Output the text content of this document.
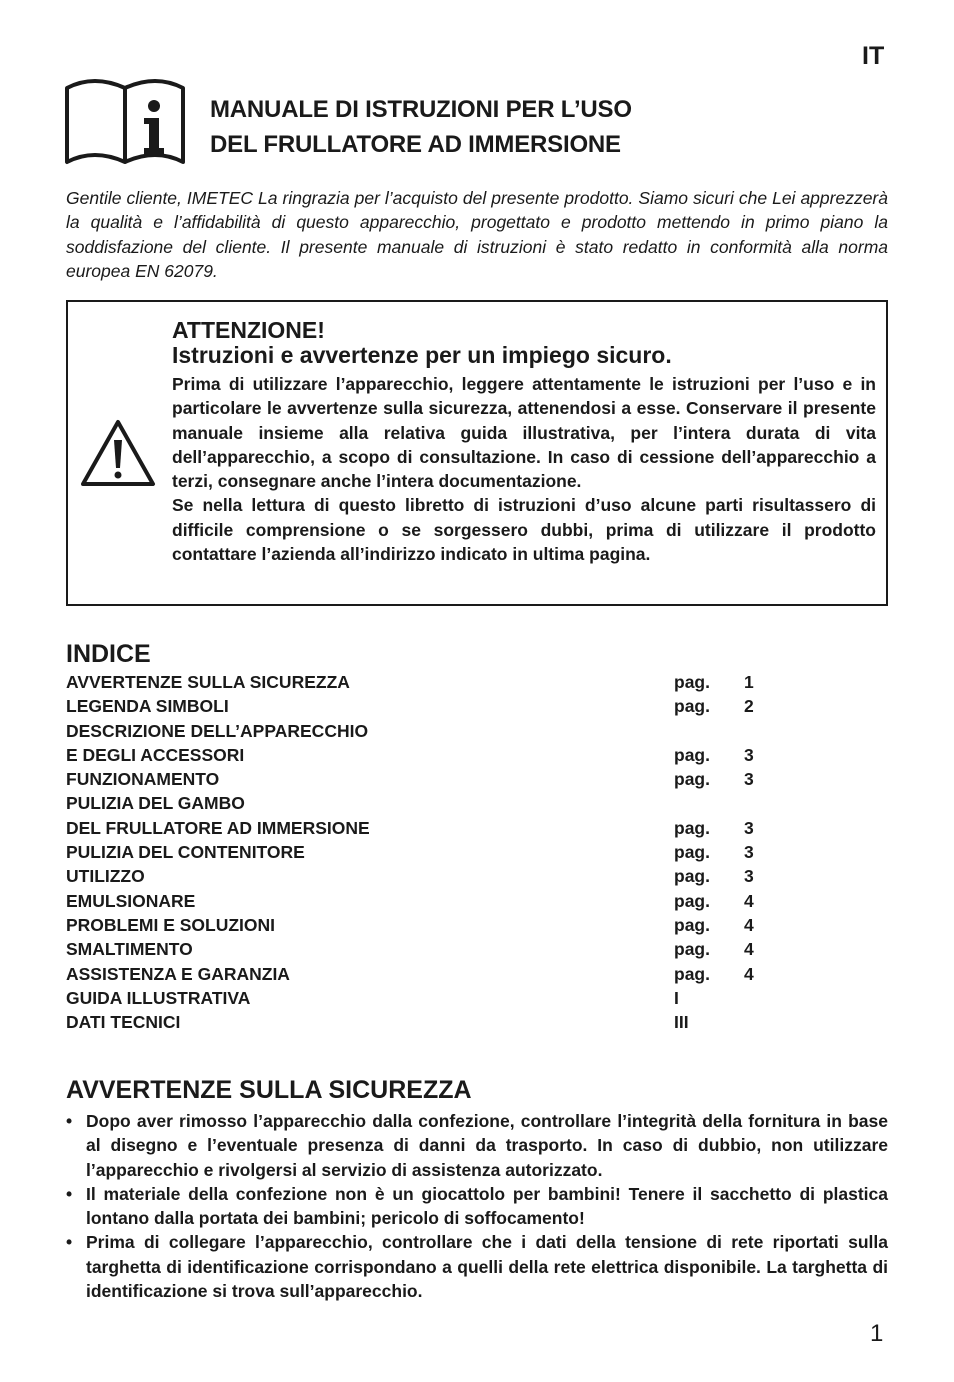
IT
MANUALE DI ISTRUZIONI PER L’USO
DEL FRULLATORE AD IMMERSIONE
Gentile cliente, IMETEC La ringrazia per l’acquisto del presente prodotto. Siamo sicuri che Lei apprezzerà la qualità e l’affidabilità di questo apparecchio, progettato e prodotto mettendo in primo piano la soddisfazione del cliente. Il presente manuale di istruzioni è stato redatto in conformità alla norma europea EN 62079.
ATTENZIONE!
Istruzioni e avvertenze per un impiego sicuro.

Prima di utilizzare l’apparecchio, leggere attentamente le istruzioni per l’uso e in particolare le avvertenze sulla sicurezza, attenendosi a esse. Conservare il presente manuale insieme alla relativa guida illustrativa, per l’intera durata di vita dell’apparecchio, a scopo di consultazione. In caso di cessione dell’apparecchio a terzi, consegnare anche l’intera documentazione.

Se nella lettura di questo libretto di istruzioni d’uso alcune parti risultassero di difficile comprensione o se sorgessero dubbi, prima di utilizzare il prodotto contattare l’azienda all’indirizzo indicato in ultima pagina.

INDICE
AVVERTENZE SULLA SICUREZZA	pag. 1
LEGENDA SIMBOLI	pag. 2
DESCRIZIONE DELL’APPARECCHIO
E DEGLI ACCESSORI	pag. 3
FUNZIONAMENTO	pag. 3
PULIZIA DEL GAMBO
DEL FRULLATORE AD IMMERSIONE	pag. 3
PULIZIA DEL CONTENITORE	pag. 3
UTILIZZO	pag. 3
EMULSIONARE	pag. 4
PROBLEMI E SOLUZIONI	pag. 4
SMALTIMENTO	pag. 4
ASSISTENZA E GARANZIA	pag. 4
GUIDA ILLUSTRATIVA	I
DATI TECNICI	III
AVVERTENZE SULLA SICUREZZA
• Dopo aver rimosso l’apparecchio dalla confezione, controllare l’integrità della fornitura in base al disegno e l’eventuale presenza di danni da trasporto. In caso di dubbio, non utilizzare l’apparecchio e rivolgersi al servizio di assistenza autorizzato.
• Il materiale della confezione non è un giocattolo per bambini! Tenere il sacchetto di plastica lontano dalla portata dei bambini; pericolo di soffocamento!
• Prima di collegare l’apparecchio, controllare che i dati della tensione di rete riportati sulla targhetta di identificazione corrispondano a quelli della rete elettrica disponibile. La targhetta di identificazione si trova sull’apparecchio.
1
